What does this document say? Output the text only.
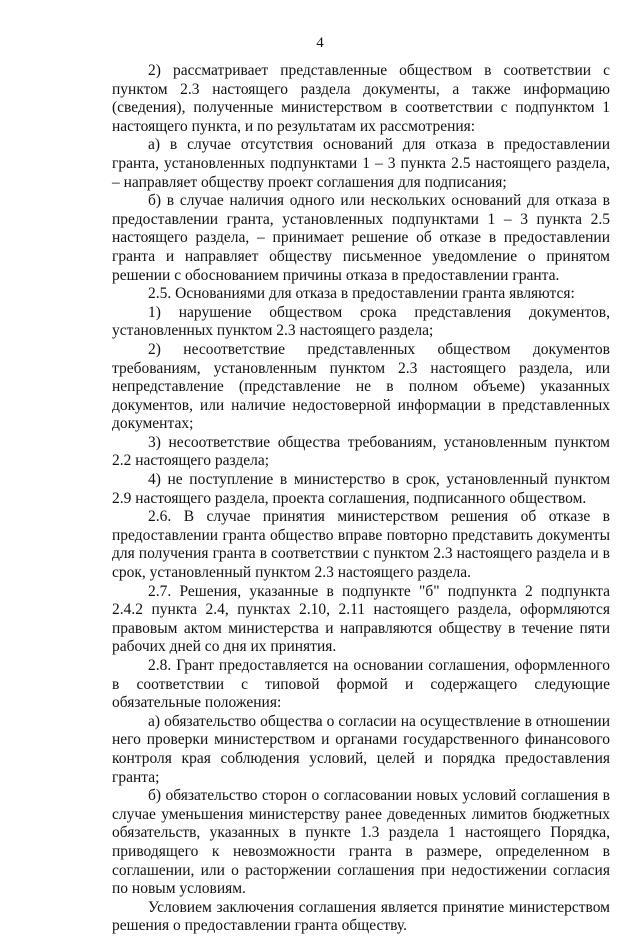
4

2) рассматривает представленные обществом в соответствии с пунктом 2.3 настоящего раздела документы, а также информацию (сведения), полученные министерством в соответствии с подпунктом 1 настоящего пункта, и по результатам их рассмотрения:

а) в случае отсутствия оснований для отказа в предоставлении гранта, установленных подпунктами 1 – 3 пункта 2.5 настоящего раздела, – направляет обществу проект соглашения для подписания;

б) в случае наличия одного или нескольких оснований для отказа в предоставлении гранта, установленных подпунктами 1 – 3 пункта 2.5 настоящего раздела, – принимает решение об отказе в предоставлении гранта и направляет обществу письменное уведомление о принятом решении с обоснованием причины отказа в предоставлении гранта.

2.5. Основаниями для отказа в предоставлении гранта являются:

1) нарушение обществом срока представления документов, установленных пунктом 2.3 настоящего раздела;

2) несоответствие представленных обществом документов требованиям, установленным пунктом 2.3 настоящего раздела, или непредставление (представление не в полном объеме) указанных документов, или наличие недостоверной информации в представленных документах;

3) несоответствие общества требованиям, установленным пунктом 2.2 настоящего раздела;

4) не поступление в министерство в срок, установленный пунктом 2.9 настоящего раздела, проекта соглашения, подписанного обществом.

2.6. В случае принятия министерством решения об отказе в предоставлении гранта общество вправе повторно представить документы для получения гранта в соответствии с пунктом 2.3 настоящего раздела и в срок, установленный пунктом 2.3 настоящего раздела.

2.7. Решения, указанные в подпункте "б" подпункта 2 подпункта 2.4.2 пункта 2.4, пунктах 2.10, 2.11 настоящего раздела, оформляются правовым актом министерства и направляются обществу в течение пяти рабочих дней со дня их принятия.

2.8. Грант предоставляется на основании соглашения, оформленного в соответствии с типовой формой и содержащего следующие обязательные положения:

а) обязательство общества о согласии на осуществление в отношении него проверки министерством и органами государственного финансового контроля края соблюдения условий, целей и порядка предоставления гранта;

б) обязательство сторон о согласовании новых условий соглашения в случае уменьшения министерству ранее доведенных лимитов бюджетных обязательств, указанных в пункте 1.3 раздела 1 настоящего Порядка, приводящего к невозможности гранта в размере, определенном в соглашении, или о расторжении соглашения при недостижении согласия по новым условиям.

Условием заключения соглашения является принятие министерством решения о предоставлении гранта обществу.
